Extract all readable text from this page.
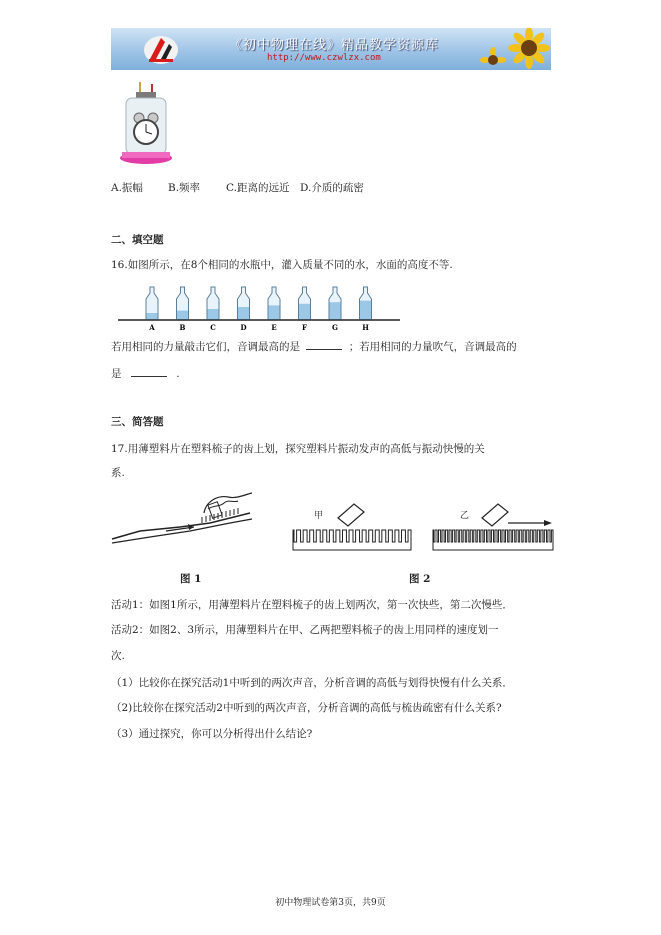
《初中物理在线》精品教学资源库
http://www.czwlzx.com
A.振幅 B.频率 C.距离的远近 D.介质的疏密
二、填空题
16.如图所示，在8个相同的水瓶中，灌入质量不同的水，水面的高度不等.
A	B	C	D	E	F	G	H
若用相同的力量敲击它们，音调最高的是	；若用相同的力量吹气，音调最高的
是	.
三、简答题
17.用薄塑料片在塑料梳子的齿上划，探究塑料片振动发声的高低与振动快慢的关
系.
甲	乙
图 1	图 2
活动1：如图1所示，用薄塑料片在塑料梳子的齿上划两次，第一次快些，第二次慢些．
活动2：如图2、3所示，用薄塑料片在甲、乙两把塑料梳子的齿上用同样的速度划一
次.
（1）比较你在探究活动1中听到的两次声音，分析音调的高低与划得快慢有什么关系．
（2)比较你在探究活动2中听到的两次声音，分析音调的高低与梳齿疏密有什么关系?
（3）通过探究，你可以分析得出什么结论?
初中物理试卷第3页，共9页
